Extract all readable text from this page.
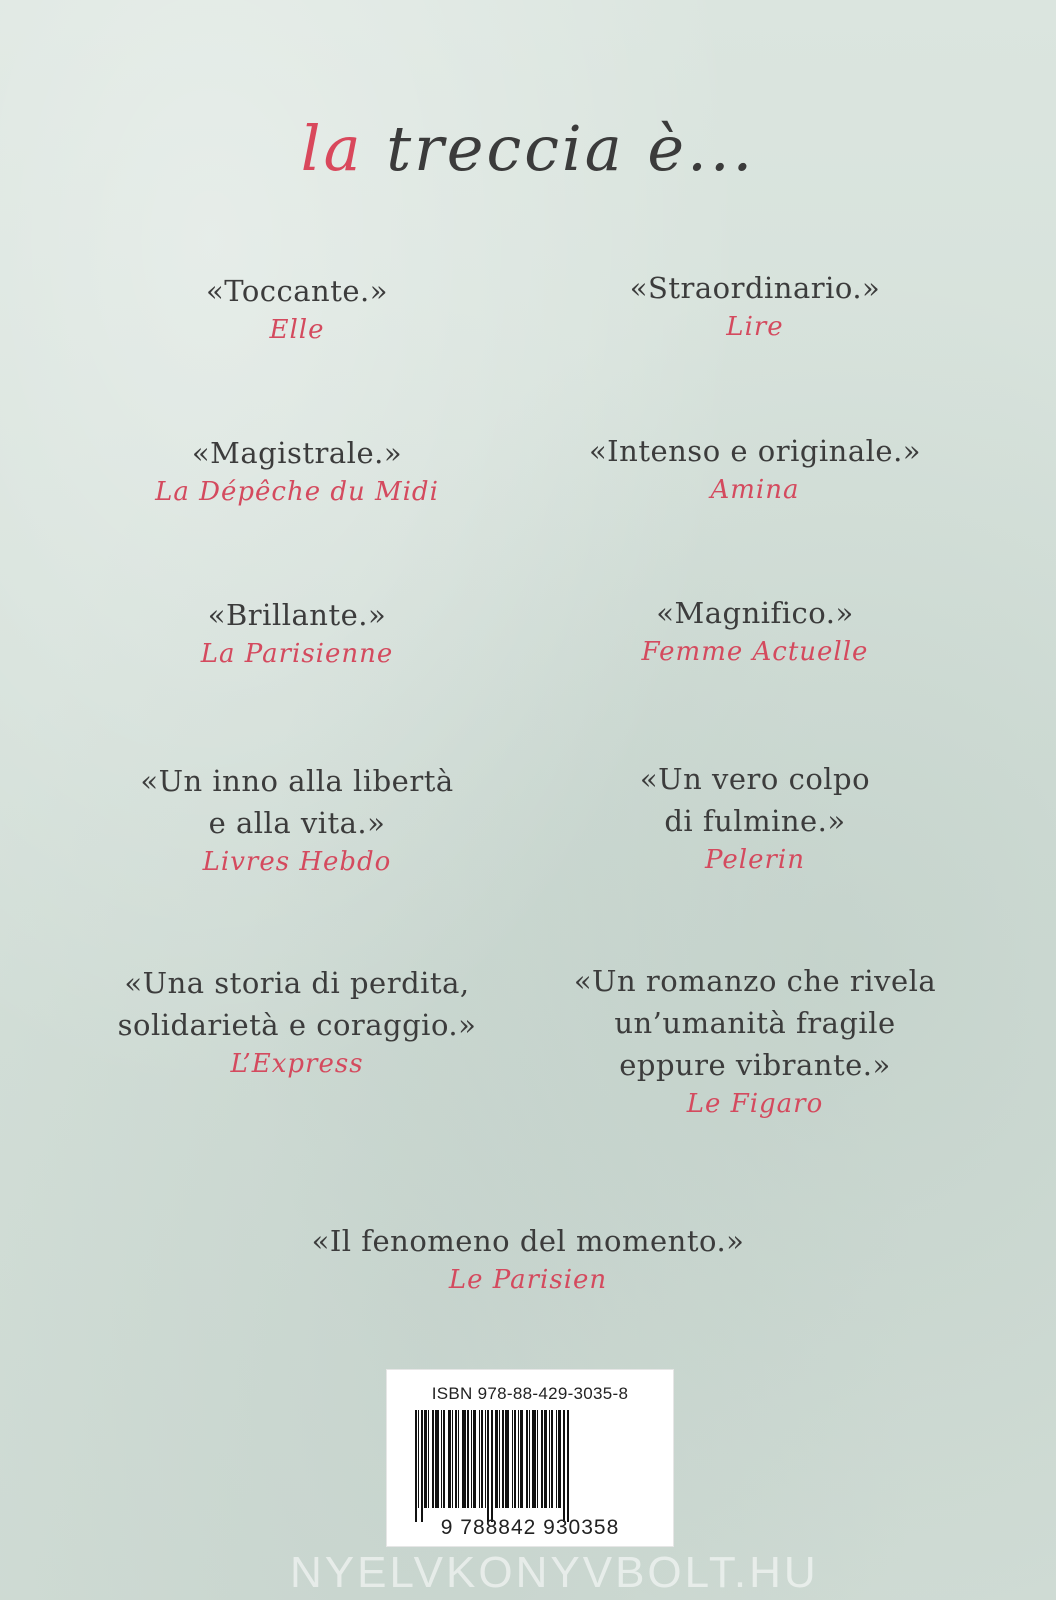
la treccia è...
«Toccante.»
Elle
«Straordinario.»
Lire
«Magistrale.»
La Dépêche du Midi
«Intenso e originale.»
Amina
«Brillante.»
La Parisienne
«Magnifico.»
Femme Actuelle
«Un inno alla libertà
e alla vita.»
Livres Hebdo
«Un vero colpo
di fulmine.»
Pelerin
«Una storia di perdita,
solidarietà e coraggio.»
L’Express
«Un romanzo che rivela
un’umanità fragile
eppure vibrante.»
Le Figaro
«Il fenomeno del momento.»
Le Parisien
ISBN 978-88-429-3035-8
9 788842 930358
NYELVKONYVBOLT.HU
